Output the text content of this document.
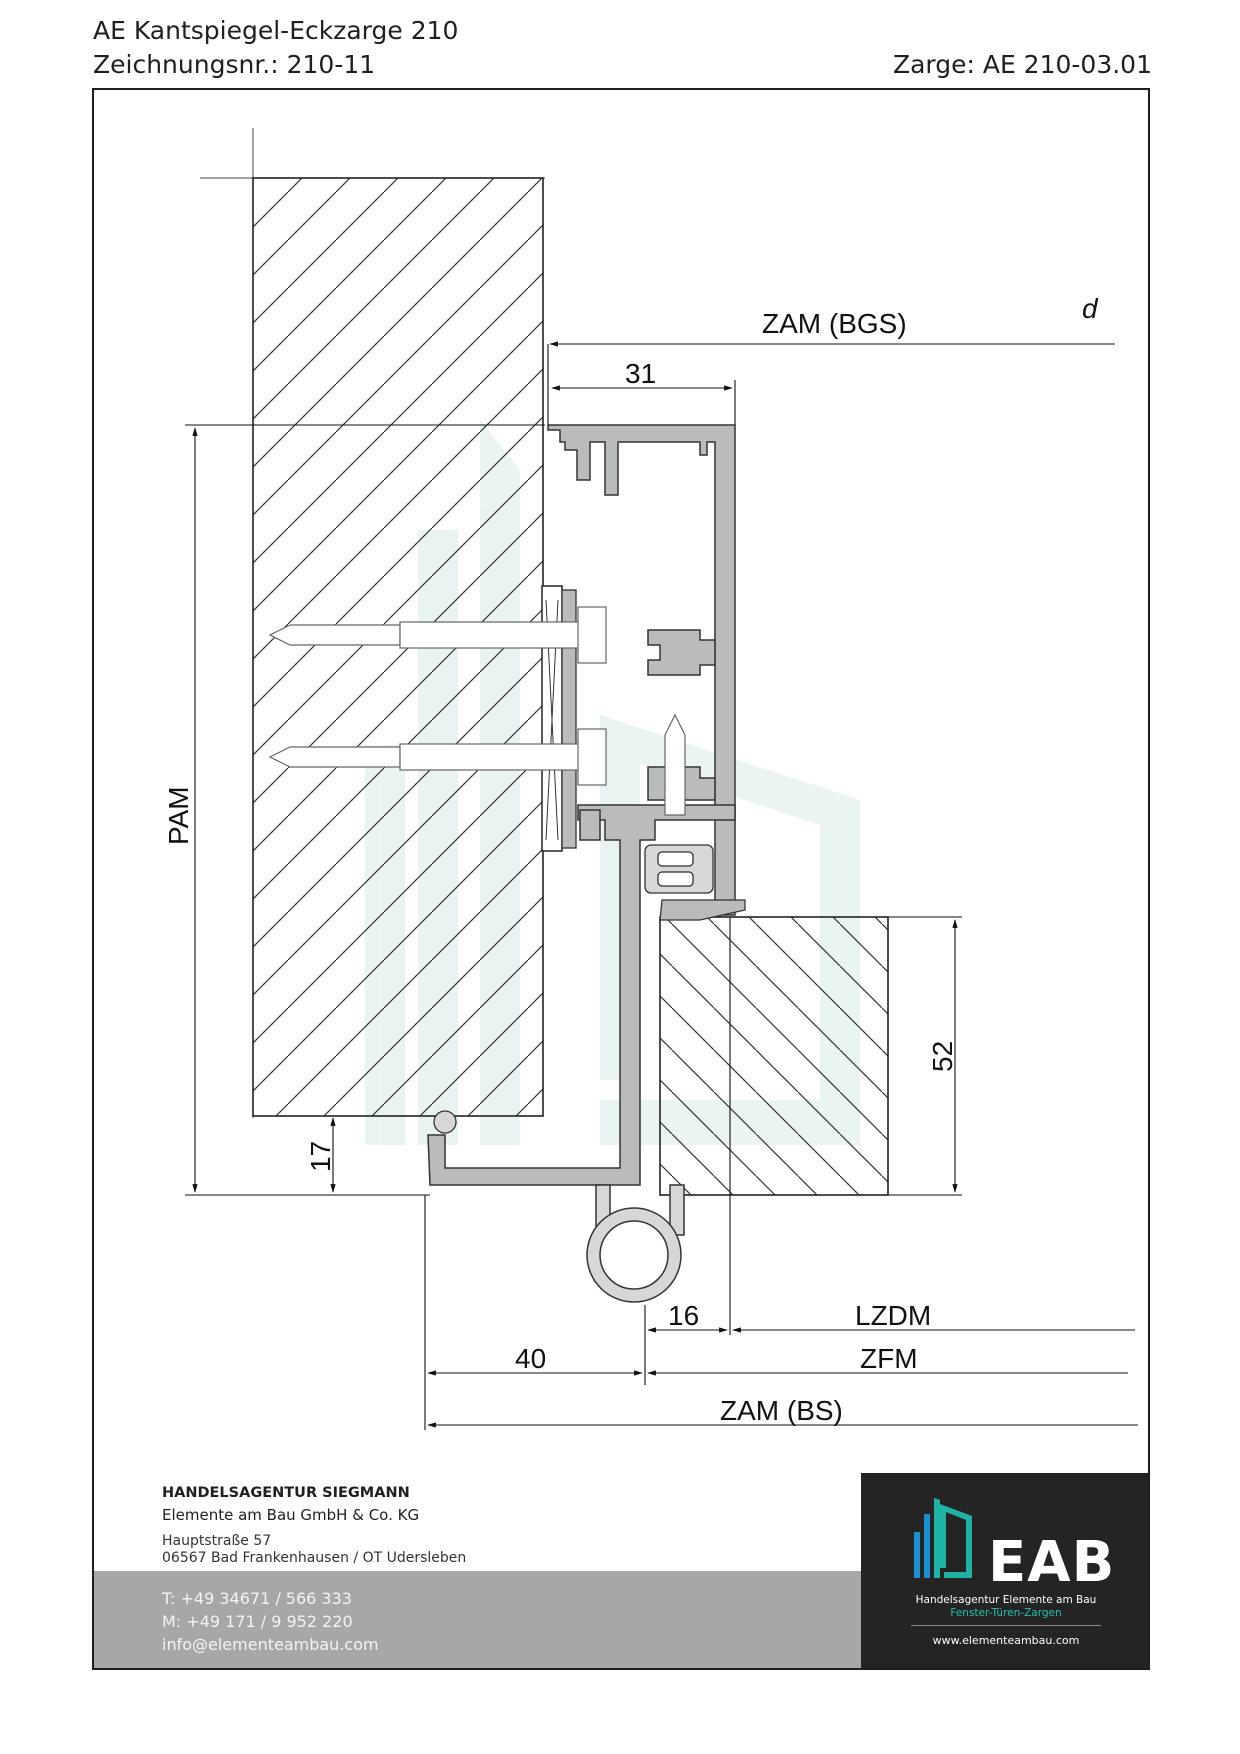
AE Kantspiegel-Eckzarge 210
Zeichnungsnr.: 210-11	Zarge: AE 210-03.01
ZAM (BGS)	d
31
PAM
52
17
16	LZDM
40	ZFM
ZAM (BS)
HANDELSAGENTUR SIEGMANN
Elemente am Bau GmbH & Co. KG
Hauptstraße 57
06567 Bad Frankenhausen / OT Udersleben
T: +49 34671 / 566 333
M: +49 171 / 9 952 220
info@elementeambau.com
EAB
Handelsagentur Elemente am Bau
Fenster-Türen-Zargen
www.elementeambau.com
